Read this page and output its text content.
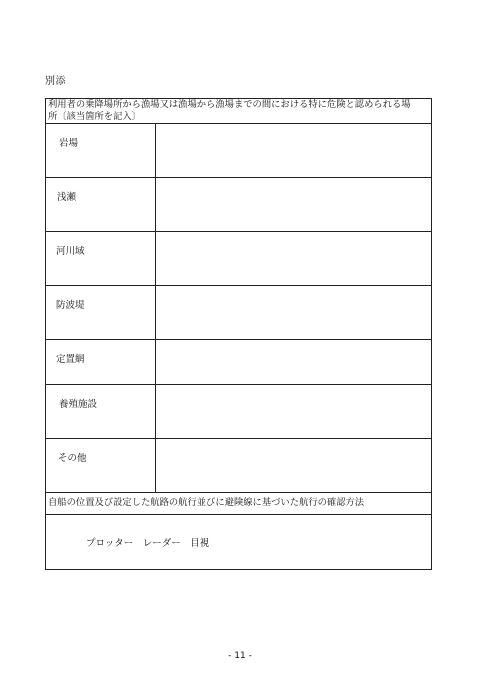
別添
利用者の乗降場所から漁場又は漁場から漁場までの間における特に危険と認められる場
所〔該当箇所を記入〕
岩場
浅瀬
河川域
防波堤
定置網
養殖施設
その他
自船の位置及び設定した航路の航行並びに避険線に基づいた航行の確認方法
プロッター　レーダー　目視
- 11 -
